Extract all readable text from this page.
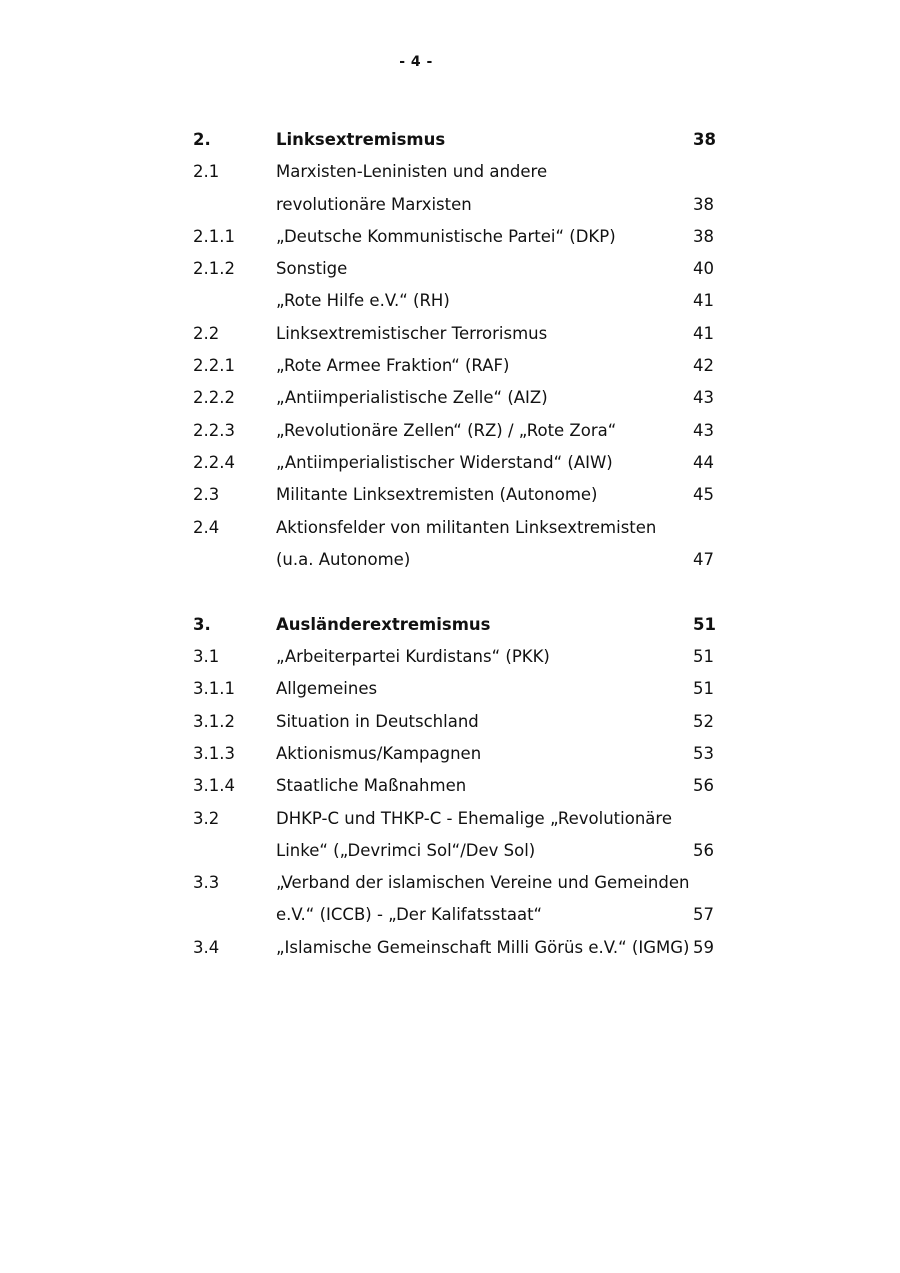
- 4 -
2.	Linksextremismus	38
2.1	Marxisten-Leninisten und andere
revolutionäre Marxisten	38
2.1.1 „Deutsche Kommunistische Partei“ (DKP)	38
2.1.2 Sonstige	40
„Rote Hilfe e.V.“ (RH)	41
2.2	Linksextremistischer Terrorismus	41
2.2.1 „Rote Armee Fraktion“ (RAF)	42
2.2.2 „Antiimperialistische Zelle“ (AIZ)	43
2.2.3 „Revolutionäre Zellen“ (RZ) / „Rote Zora“	43
2.2.4 „Antiimperialistischer Widerstand“ (AIW)	44
2.3	Militante Linksextremisten (Autonome)	45
2.4	Aktionsfelder von militanten Linksextremisten
(u.a. Autonome)	47
3.	Ausländerextremismus	51
3.1	„Arbeiterpartei Kurdistans“ (PKK)	51
3.1.1 Allgemeines	51
3.1.2 Situation in Deutschland	52
3.1.3 Aktionismus/Kampagnen	53
3.1.4 Staatliche Maßnahmen	56
3.2	DHKP-C und THKP-C - Ehemalige „Revolutionäre
Linke“ („Devrimci Sol“/Dev Sol)	56
3.3	„Verband der islamischen Vereine und Gemeinden
e.V.“ (ICCB) - „Der Kalifatsstaat“	57
3.4	„Islamische Gemeinschaft Milli Görüs e.V.“ (IGMG) 59
